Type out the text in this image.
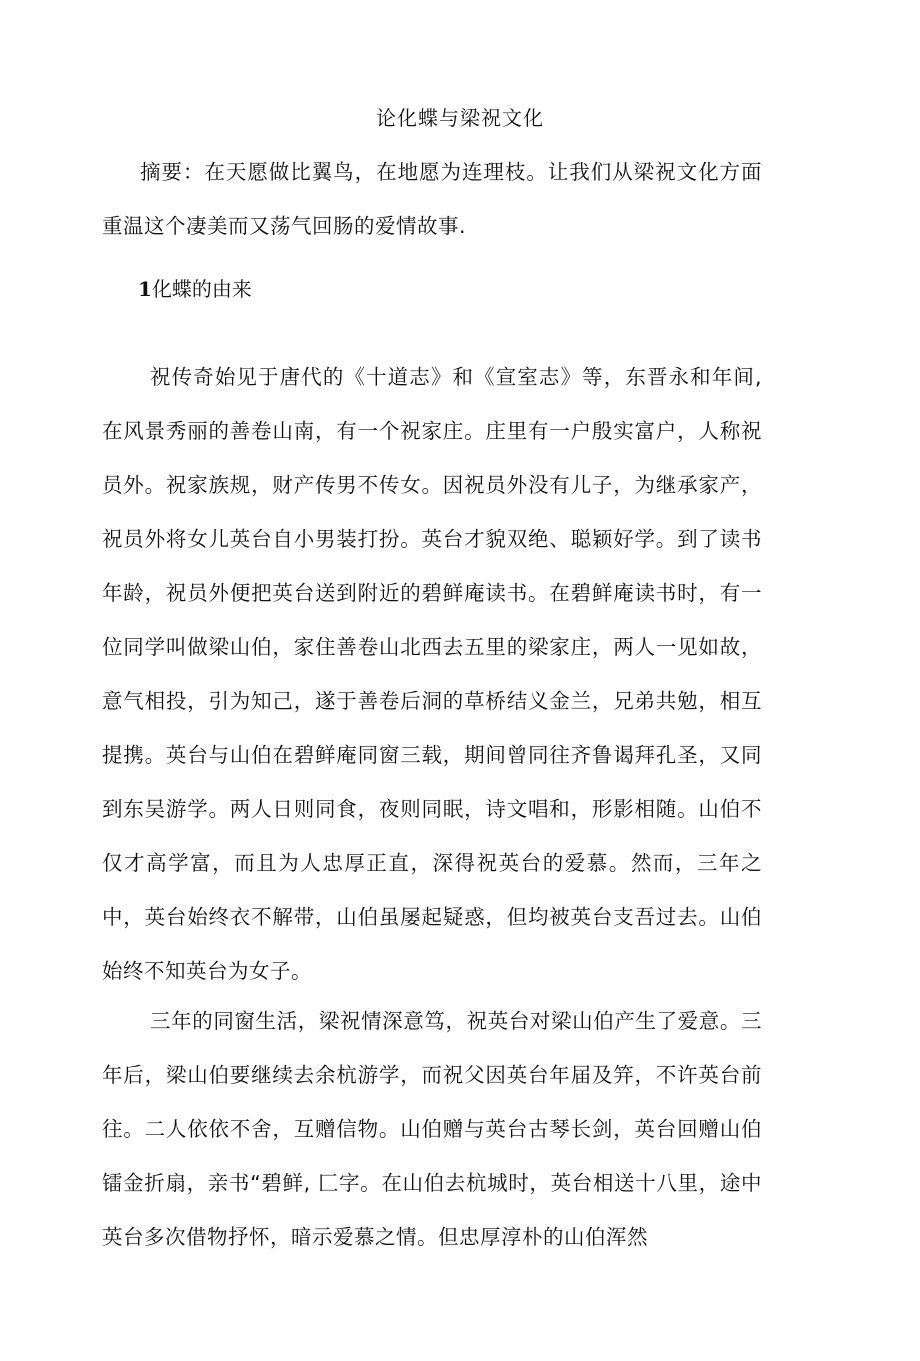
论化蝶与梁祝文化
摘要：在天愿做比翼鸟，在地愿为连理枝。让我们从梁祝文化方面重温这个凄美而又荡气回肠的爱情故事.
1化蝶的由来
祝传奇始见于唐代的《十道志》和《宣室志》等，东晋永和年间,在风景秀丽的善卷山南，有一个祝家庄。庄里有一户殷实富户，人称祝员外。祝家族规，财产传男不传女。因祝员外没有儿子，为继承家产，祝员外将女儿英台自小男装打扮。英台才貌双绝、聪颖好学。到了读书年龄，祝员外便把英台送到附近的碧鲜庵读书。在碧鲜庵读书时，有一位同学叫做梁山伯，家住善卷山北西去五里的梁家庄，两人一见如故，意气相投，引为知己，遂于善卷后洞的草桥结义金兰，兄弟共勉，相互提携。英台与山伯在碧鲜庵同窗三载，期间曾同往齐鲁谒拜孔圣，又同到东吴游学。两人日则同食，夜则同眠，诗文唱和，形影相随。山伯不仅才高学富，而且为人忠厚正直，深得祝英台的爱慕。然而，三年之中，英台始终衣不解带，山伯虽屡起疑惑，但均被英台支吾过去。山伯始终不知英台为女子。
三年的同窗生活，梁祝情深意笃，祝英台对梁山伯产生了爱意。三年后，梁山伯要继续去余杭游学，而祝父因英台年届及笄，不许英台前往。二人依依不舍，互赠信物。山伯赠与英台古琴长剑，英台回赠山伯镭金折扇，亲书“碧鲜, 匚字。在山伯去杭城时，英台相送十八里，途中英台多次借物抒怀，暗示爱慕之情。但忠厚淳朴的山伯浑然
